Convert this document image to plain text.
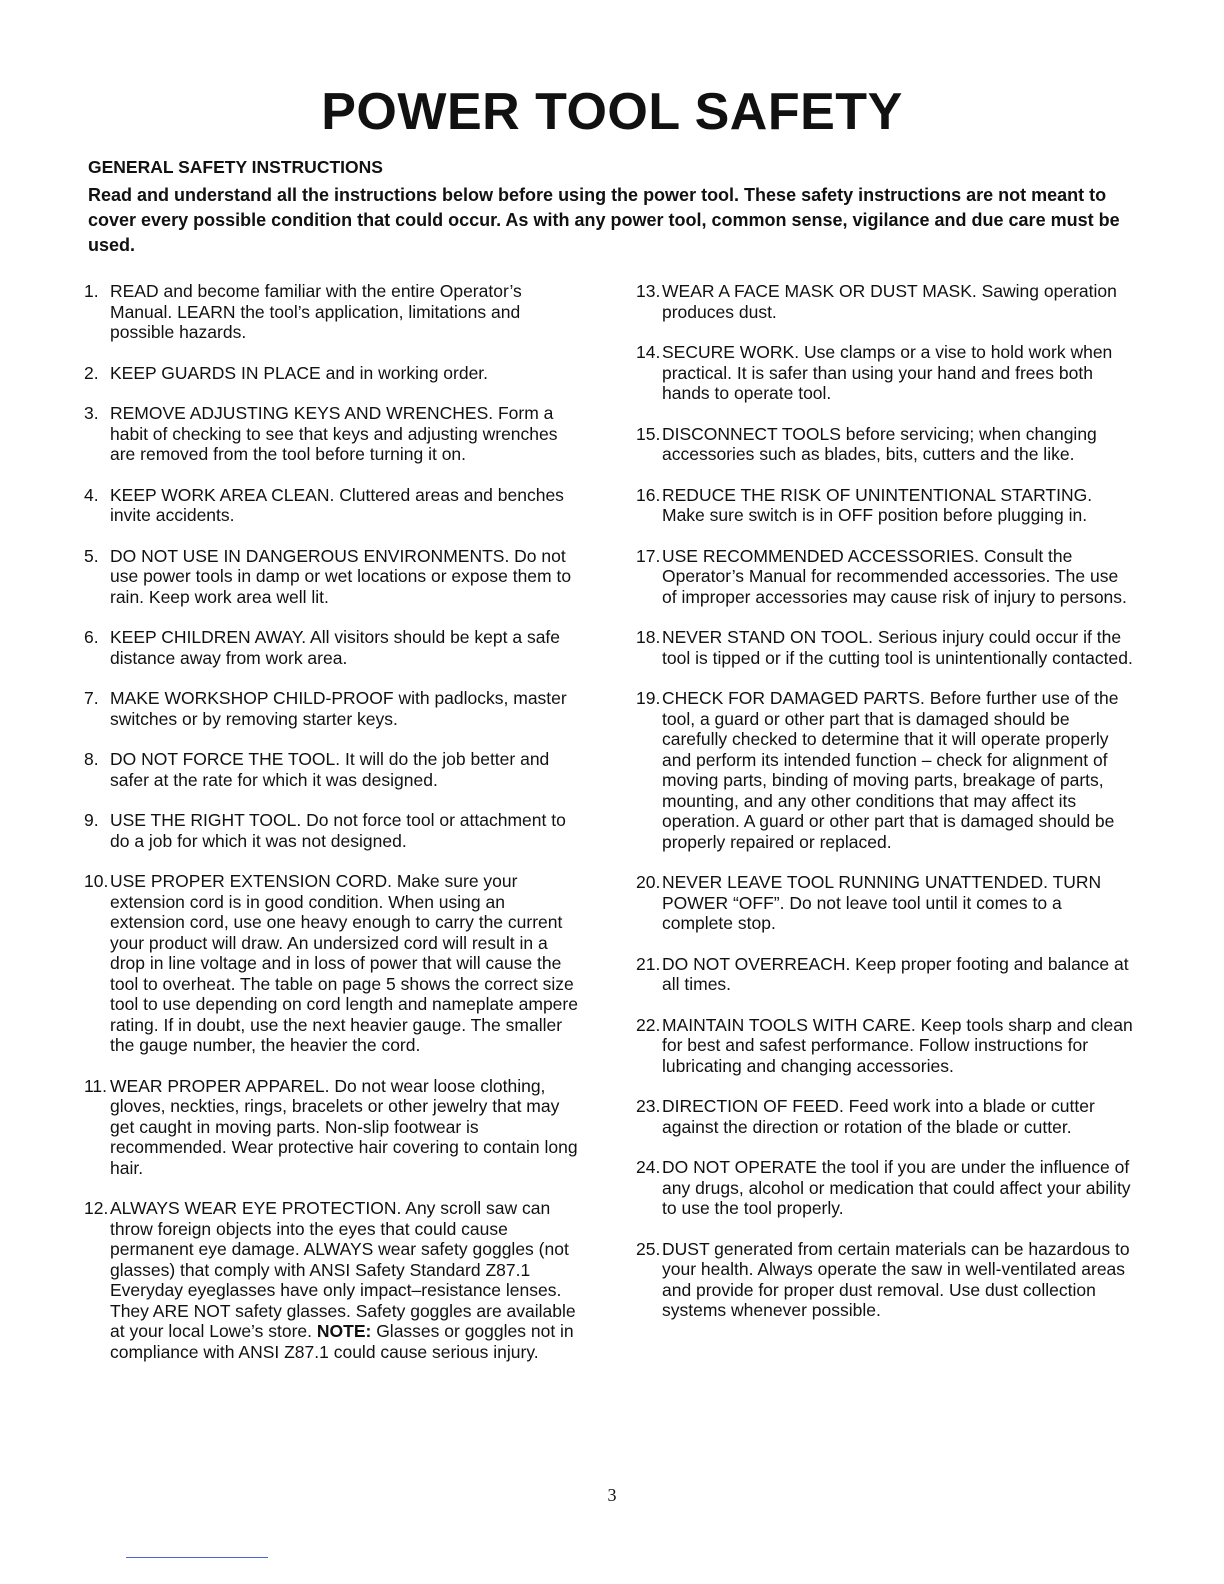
POWER TOOL SAFETY
GENERAL SAFETY INSTRUCTIONS

Read and understand all the instructions below before using the power tool. These safety instructions are not meant to cover every possible condition that could occur. As with any power tool, common sense, vigilance and due care must be used.

1. READ and become familiar with the entire Operator’s Manual. LEARN the tool’s application, limitations and possible hazards.
2. KEEP GUARDS IN PLACE and in working order.
3. REMOVE ADJUSTING KEYS AND WRENCHES. Form a habit of checking to see that keys and adjusting wrenches are removed from the tool before turning it on.
4. KEEP WORK AREA CLEAN. Cluttered areas and benches invite accidents.
5. DO NOT USE IN DANGEROUS ENVIRONMENTS. Do not use power tools in damp or wet locations or expose them to rain. Keep work area well lit.
6. KEEP CHILDREN AWAY. All visitors should be kept a safe distance away from work area.
7. MAKE WORKSHOP CHILD-PROOF with padlocks, master switches or by removing starter keys.
8. DO NOT FORCE THE TOOL. It will do the job better and safer at the rate for which it was designed.
9. USE THE RIGHT TOOL. Do not force tool or attachment to do a job for which it was not designed.
10. USE PROPER EXTENSION CORD. Make sure your extension cord is in good condition. When using an extension cord, use one heavy enough to carry the current your product will draw. An undersized cord will result in a drop in line voltage and in loss of power that will cause the tool to overheat. The table on page 5 shows the correct size tool to use depending on cord length and nameplate ampere rating. If in doubt, use the next heavier gauge. The smaller the gauge number, the heavier the cord.
11. WEAR PROPER APPAREL. Do not wear loose clothing, gloves, neckties, rings, bracelets or other jewelry that may get caught in moving parts. Non-slip footwear is recommended. Wear protective hair covering to contain long hair.
12. ALWAYS WEAR EYE PROTECTION. Any scroll saw can throw foreign objects into the eyes that could cause permanent eye damage. ALWAYS wear safety goggles (not glasses) that comply with ANSI Safety Standard Z87.1 Everyday eyeglasses have only impact–resistance lenses. They ARE NOT safety glasses. Safety goggles are available at your local Lowe’s store. NOTE: Glasses or goggles not in compliance with ANSI Z87.1 could cause serious injury.
13. WEAR A FACE MASK OR DUST MASK. Sawing operation produces dust.
14. SECURE WORK. Use clamps or a vise to hold work when practical. It is safer than using your hand and frees both hands to operate tool.
15. DISCONNECT TOOLS before servicing; when changing accessories such as blades, bits, cutters and the like.
16. REDUCE THE RISK OF UNINTENTIONAL STARTING. Make sure switch is in OFF position before plugging in.
17. USE RECOMMENDED ACCESSORIES. Consult the Operator’s Manual for recommended accessories. The use of improper accessories may cause risk of injury to persons.
18. NEVER STAND ON TOOL. Serious injury could occur if the tool is tipped or if the cutting tool is unintentionally contacted.
19. CHECK FOR DAMAGED PARTS. Before further use of the tool, a guard or other part that is damaged should be carefully checked to determine that it will operate properly and perform its intended function – check for alignment of moving parts, binding of moving parts, breakage of parts, mounting, and any other conditions that may affect its operation. A guard or other part that is damaged should be properly repaired or replaced.
20. NEVER LEAVE TOOL RUNNING UNATTENDED. TURN POWER “OFF”. Do not leave tool until it comes to a complete stop.
21. DO NOT OVERREACH. Keep proper footing and balance at all times.
22. MAINTAIN TOOLS WITH CARE. Keep tools sharp and clean for best and safest performance. Follow instructions for lubricating and changing accessories.
23. DIRECTION OF FEED. Feed work into a blade or cutter against the direction or rotation of the blade or cutter.
24. DO NOT OPERATE the tool if you are under the influence of any drugs, alcohol or medication that could affect your ability to use the tool properly.
25. DUST generated from certain materials can be hazardous to your health. Always operate the saw in well-ventilated areas and provide for proper dust removal. Use dust collection systems whenever possible.
3
